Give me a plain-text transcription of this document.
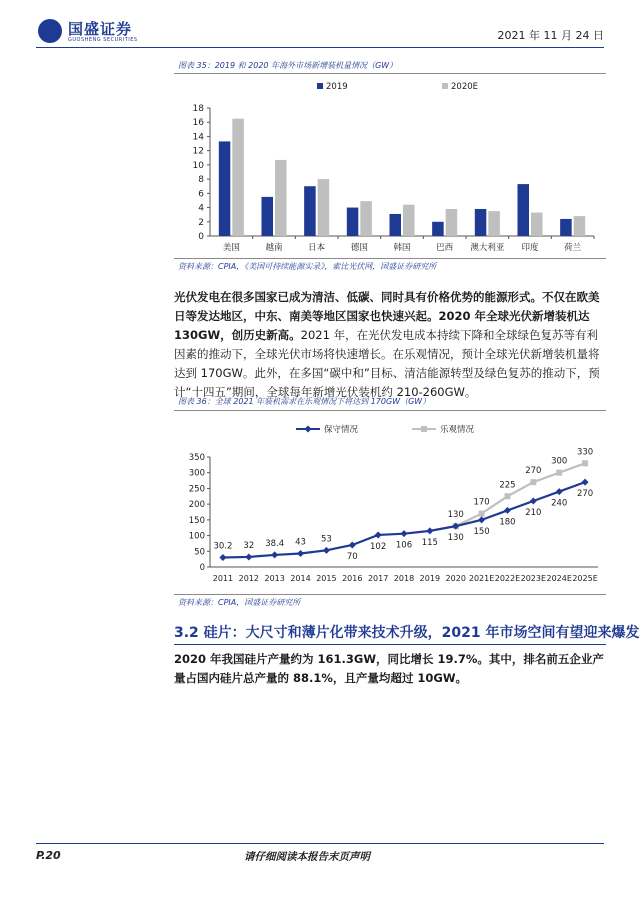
国盛证券
GUOSHENG SECURITIES	2021 年 11 月 24 日
图表 35：2019 和 2020 年海外市场新增装机量情况（GW）
0
2
4
6
8
10
12
14
16
18
美国	越南	日本	德国	韩国	巴西 澳大利亚 印度	荷兰
2019	2020E
资料来源：CPIA，《美国可持续能源实录》，索比光伏网，国盛证券研究所
光伏发电在很多国家已成为清洁、低碳、同时具有价格优势的能源形式。不仅在欧美日等发达地区，中东、南美等地区国家也快速兴起。2020 年全球光伏新增装机达 130GW，创历史新高。2021 年，在光伏发电成本持续下降和全球绿色复苏等有利因素的推动下，全球光伏市场将快速增长。在乐观情况，预计全球光伏新增装机量将达到 170GW。此外，在多国“碳中和”目标、清洁能源转型及绿色复苏的推动下，预计“十四五”期间，全球每年新增光伏装机约 210-260GW。
图表 36：全球 2021 年装机需求在乐观情况下将达到 170GW（GW）
0
50
100
150
200
250
300
350
2011 2012 2013 2014 2015 2016 2017 2018 2019 2020 2021E 2022E 2023E 2024E 2025E
170
225
270
300
330
30.2 32 38.4 43 53
70
102 106 115 130
150
180
210
240
270
130
保守情况	乐观情况
资料来源：CPIA，国盛证券研究所
3.2 硅片：大尺寸和薄片化带来技术升级，2021 年市场空间有望迎来爆发
2020 年我国硅片产量约为 161.3GW，同比增长 19.7%。其中，排名前五企业产量占国内硅片总产量的 88.1%，且产量均超过 10GW。
P.20	请仔细阅读本报告末页声明
